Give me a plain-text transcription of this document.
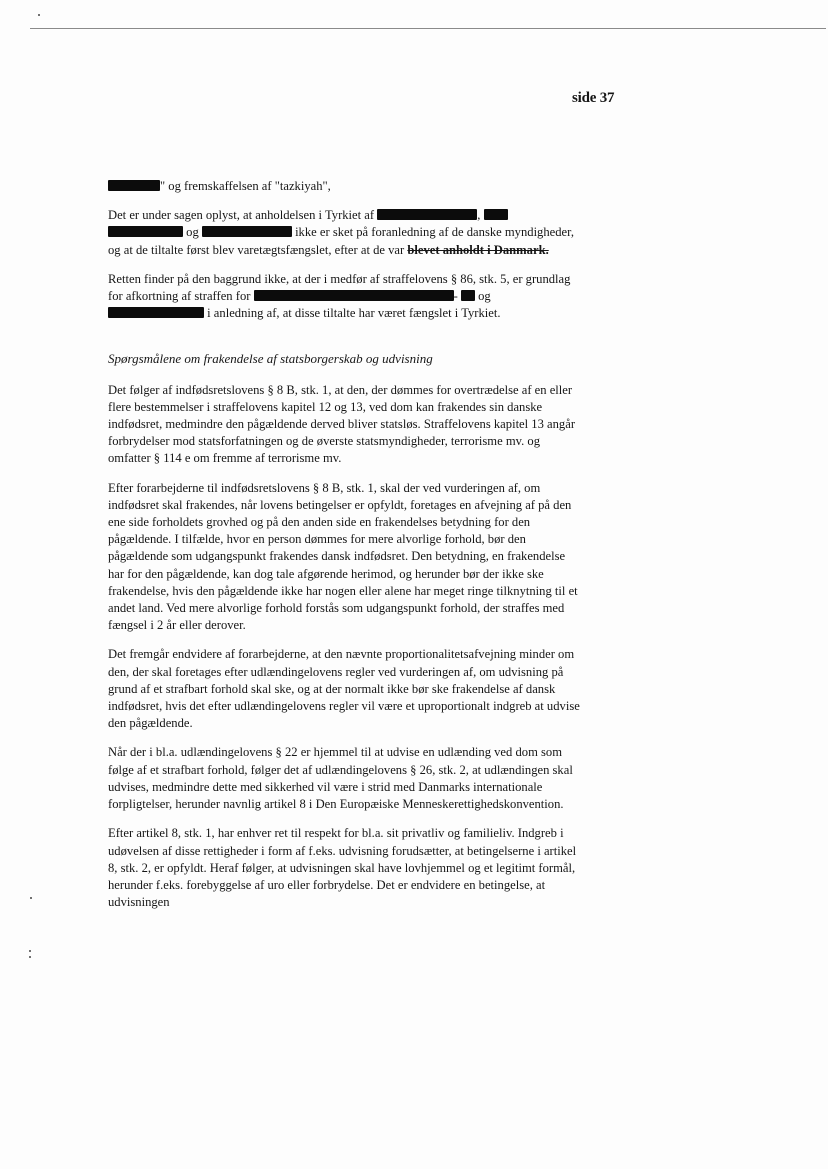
side 37

" og fremskaffelsen af "tazkiyah",

Det er under sagen oplyst, at anholdelsen i Tyrkiet af	,   og	ikke er sket på foranledning af de danske myndigheder, og at de tiltalte først blev varetægtsfængslet, efter at de var blevet anholdt i Danmark.

Retten finder på den baggrund ikke, at der i medfør af straffelovens § 86, stk. 5, er grundlag for afkortning af straffen for	- og  i anledning af, at disse tiltalte har været fængslet i Tyrkiet.

Spørgsmålene om frakendelse af statsborgerskab og udvisning

Det følger af indfødsretslovens § 8 B, stk. 1, at den, der dømmes for overtrædelse af en eller flere bestemmelser i straffelovens kapitel 12 og 13, ved dom kan frakendes sin danske indfødsret, medmindre den pågældende derved bliver statsløs. Straffelovens kapitel 13 angår forbrydelser mod statsforfatningen og de øverste statsmyndigheder, terrorisme mv. og omfatter § 114 e om fremme af terrorisme mv.

Efter forarbejderne til indfødsretslovens § 8 B, stk. 1, skal der ved vurderingen af, om indfødsret skal frakendes, når lovens betingelser er opfyldt, foretages en afvejning af på den ene side forholdets grovhed og på den anden side en frakendelses betydning for den pågældende. I tilfælde, hvor en person dømmes for mere alvorlige forhold, bør den pågældende som udgangspunkt frakendes dansk indfødsret. Den betydning, en frakendelse har for den pågældende, kan dog tale afgørende herimod, og herunder bør der ikke ske frakendelse, hvis den pågældende ikke har nogen eller alene har meget ringe tilknytning til et andet land. Ved mere alvorlige forhold forstås som udgangspunkt forhold, der straffes med fængsel i 2 år eller derover.

Det fremgår endvidere af forarbejderne, at den nævnte proportionalitetsafvejning minder om den, der skal foretages efter udlændingelovens regler ved vurderingen af, om udvisning på grund af et strafbart forhold skal ske, og at der normalt ikke bør ske frakendelse af dansk indfødsret, hvis det efter udlændingelovens regler vil være et uproportionalt indgreb at udvise den pågældende.

Når der i bl.a. udlændingelovens § 22 er hjemmel til at udvise en udlænding ved dom som følge af et strafbart forhold, følger det af udlændingelovens § 26, stk. 2, at udlændingen skal udvises, medmindre dette med sikkerhed vil være i strid med Danmarks internationale forpligtelser, herunder navnlig artikel 8 i Den Europæiske Menneskerettighedskonvention.

Efter artikel 8, stk. 1, har enhver ret til respekt for bl.a. sit privatliv og familieliv. Indgreb i udøvelsen af disse rettigheder i form af f.eks. udvisning forudsætter, at betingelserne i artikel 8, stk. 2, er opfyldt. Heraf følger, at udvisningen skal have lovhjemmel og et legitimt formål, herunder f.eks. forebyggelse af uro eller forbrydelse. Det er endvidere en betingelse, at udvisningen
